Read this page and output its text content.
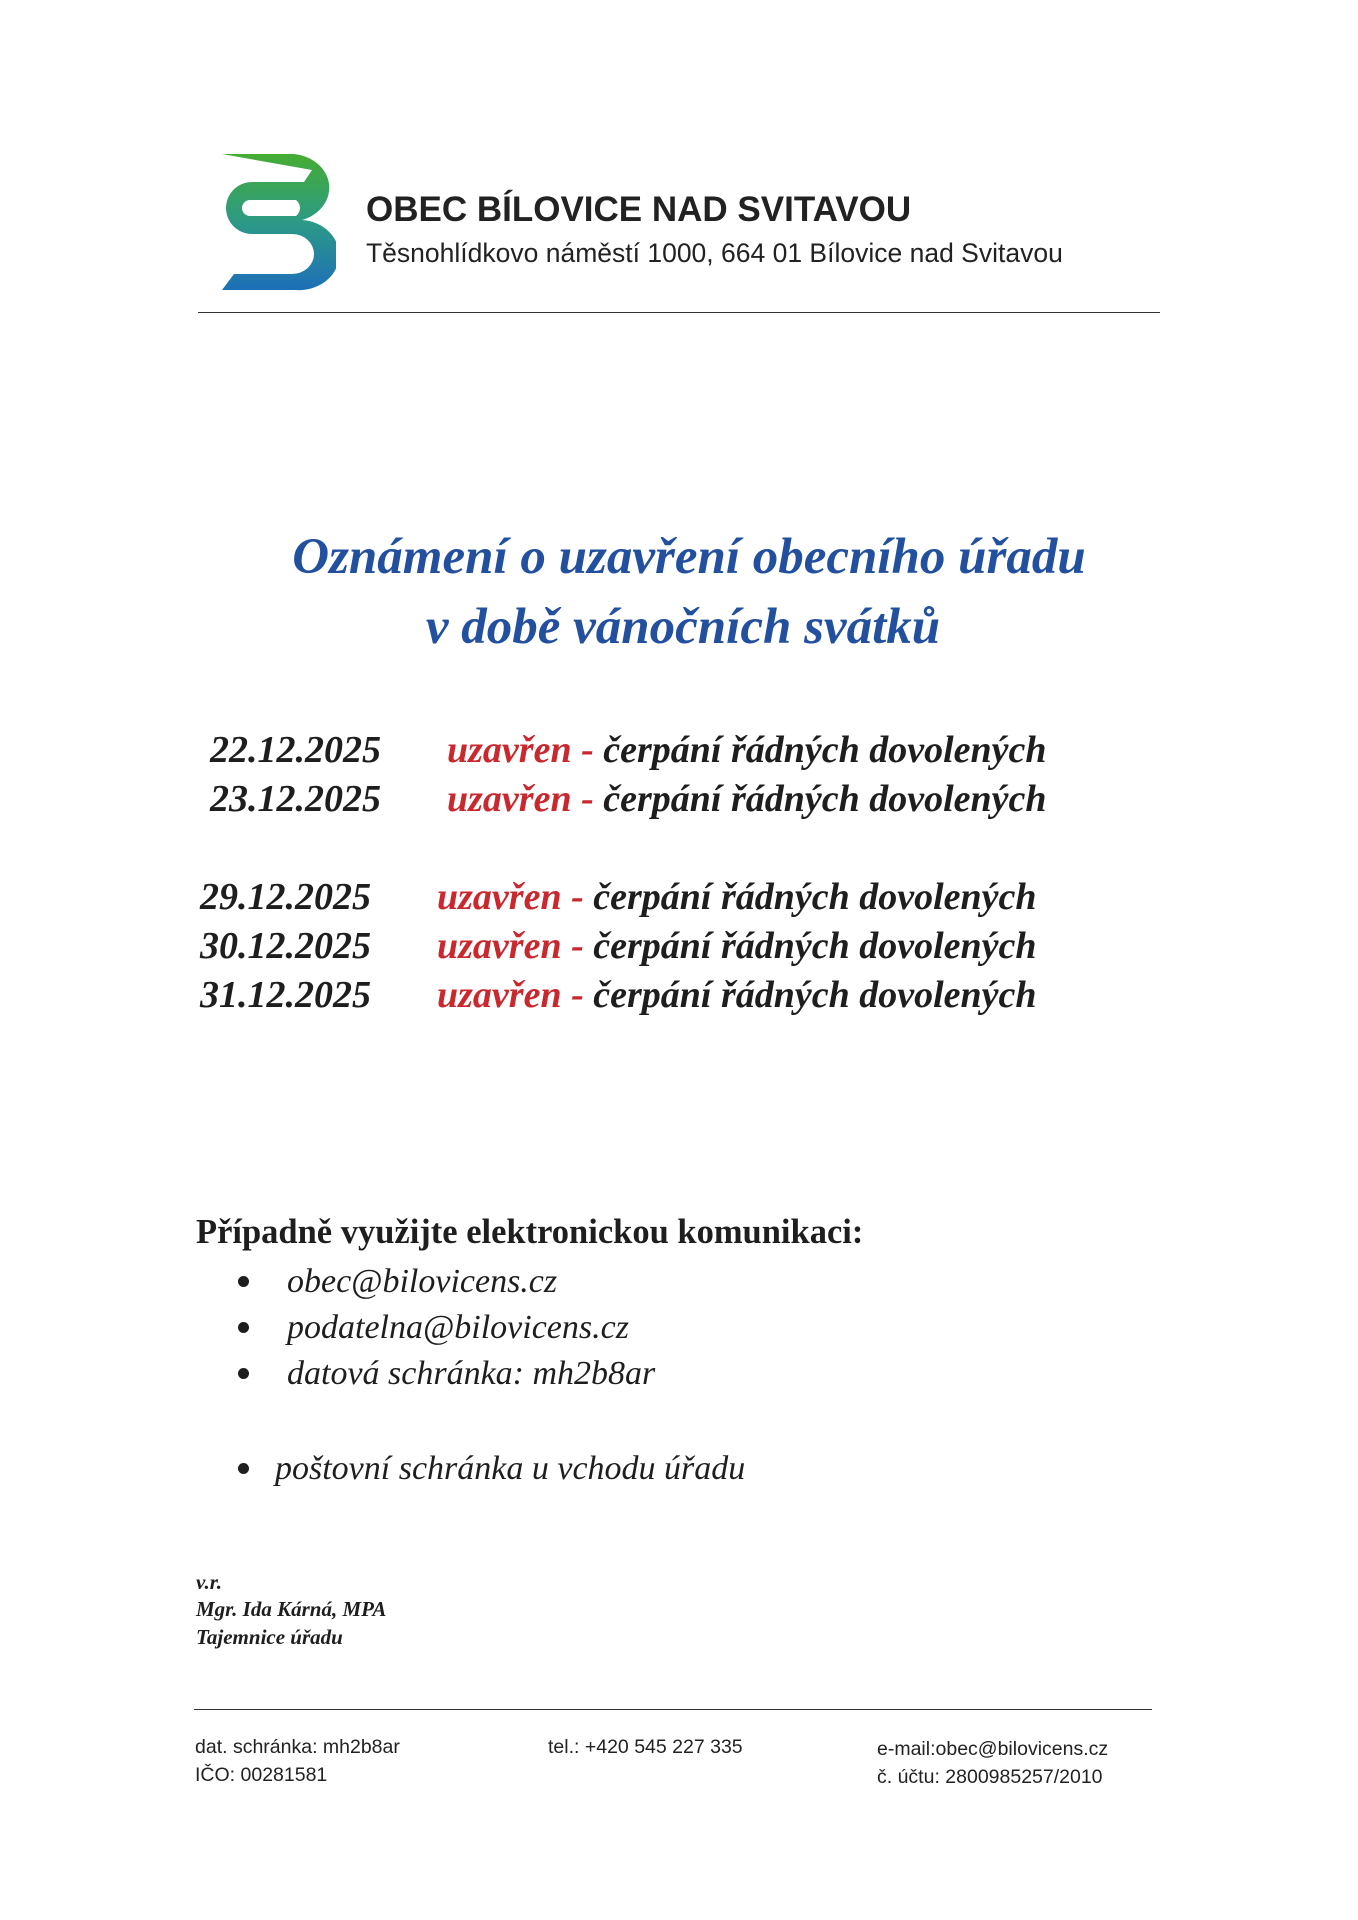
OBEC BÍLOVICE NAD SVITAVOU
Těsnohlídkovo náměstí 1000, 664 01 Bílovice nad Svitavou
Oznámení o uzavření obecního úřadu
v době vánočních svátků
22.12.2025 uzavřen - čerpání řádných dovolených
23.12.2025 uzavřen - čerpání řádných dovolených
29.12.2025 uzavřen - čerpání řádných dovolených
30.12.2025 uzavřen - čerpání řádných dovolených
31.12.2025 uzavřen - čerpání řádných dovolených
Případně využijte elektronickou komunikaci:
obec@bilovicens.cz
podatelna@bilovicens.cz
datová schránka: mh2b8ar
poštovní schránka u vchodu úřadu
v.r.
Mgr. Ida Kárná, MPA
Tajemnice úřadu
dat. schránka: mh2b8ar
IČO: 00281581
tel.: +420 545 227 335	e-mail:obec@bilovicens.cz
č. účtu: 2800985257/2010
